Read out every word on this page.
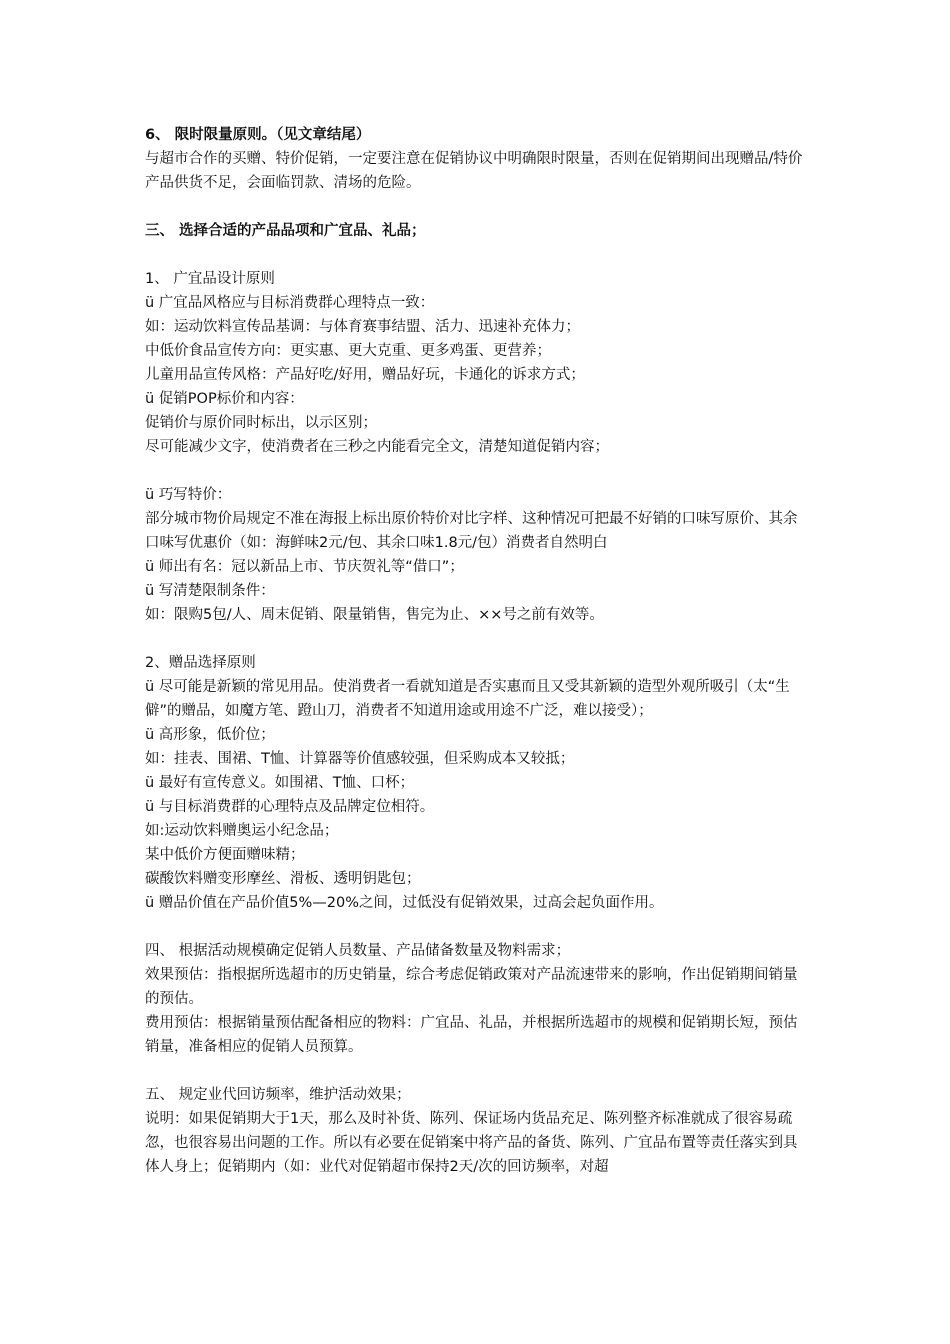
6、 限时限量原则。（见文章结尾）
与超市合作的买赠、特价促销，一定要注意在促销协议中明确限时限量，否则在促销期间出现赠品/特价产品供货不足，会面临罚款、清场的危险。
三、 选择合适的产品品项和广宜品、礼品；
1、 广宜品设计原则
ü 广宜品风格应与目标消费群心理特点一致：
如：运动饮料宣传品基调：与体育赛事结盟、活力、迅速补充体力；
中低价食品宣传方向：更实惠、更大克重、更多鸡蛋、更营养；
儿童用品宣传风格：产品好吃/好用，赠品好玩，卡通化的诉求方式；
ü 促销POP标价和内容：
促销价与原价同时标出，以示区别；
尽可能减少文字，使消费者在三秒之内能看完全文，清楚知道促销内容；
ü 巧写特价：
部分城市物价局规定不准在海报上标出原价特价对比字样、这种情况可把最不好销的口味写原价、其余口味写优惠价（如：海鲜味2元/包、其余口味1.8元/包）消费者自然明白
ü 师出有名：冠以新品上市、节庆贺礼等“借口”；
ü 写清楚限制条件：
如：限购5包/人、周末促销、限量销售，售完为止、××号之前有效等。
2、赠品选择原则
ü 尽可能是新颖的常见用品。使消费者一看就知道是否实惠而且又受其新颖的造型外观所吸引（太“生僻”的赠品，如魔方笔、蹬山刀，消费者不知道用途或用途不广泛，难以接受）；
ü 高形象，低价位；
如：挂表、围裙、T恤、计算器等价值感较强，但采购成本又较抵；
ü 最好有宣传意义。如围裙、T恤、口杯；
ü 与目标消费群的心理特点及品牌定位相符。
如:运动饮料赠奥运小纪念品；
某中低价方便面赠味精；
碳酸饮料赠变形摩丝、滑板、透明钥匙包；
ü 赠品价值在产品价值5%—20%之间，过低没有促销效果，过高会起负面作用。
四、 根据活动规模确定促销人员数量、产品储备数量及物料需求；
效果预估：指根据所选超市的历史销量，综合考虑促销政策对产品流速带来的影响，作出促销期间销量的预估。
费用预估：根据销量预估配备相应的物料：广宜品、礼品，并根据所选超市的规模和促销期长短，预估销量，准备相应的促销人员预算。
五、 规定业代回访频率，维护活动效果；
说明：如果促销期大于1天，那么及时补货、陈列、保证场内货品充足、陈列整齐标准就成了很容易疏忽，也很容易出问题的工作。所以有必要在促销案中将产品的备货、陈列、广宜品布置等责任落实到具体人身上；促销期内（如：业代对促销超市保持2天/次的回访频率，对超
